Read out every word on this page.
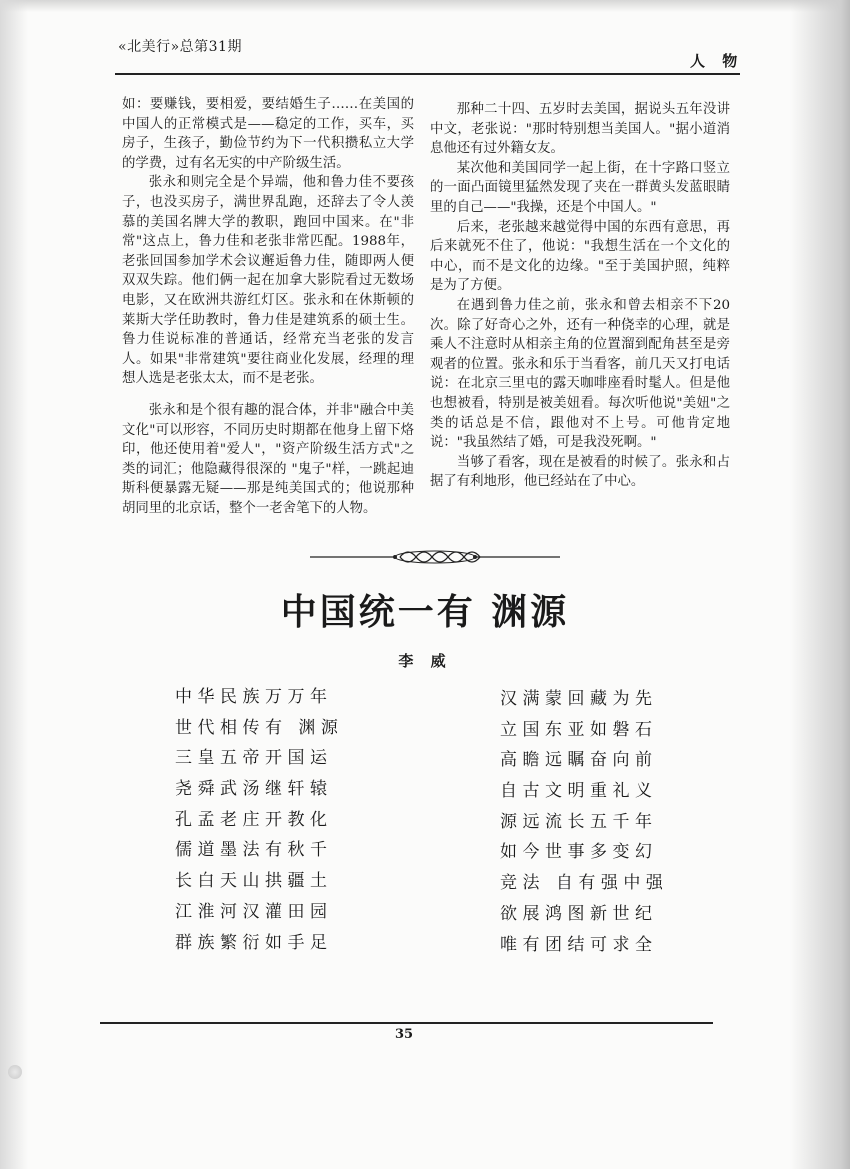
«北美行»总第31期
人 物

如：要赚钱，要相爱，要结婚生子……在美国的中国人的正常模式是——稳定的工作，买车，买房子，生孩子，勤俭节约为下一代积攒私立大学的学费，过有名无实的中产阶级生活。

张永和则完全是个异端，他和鲁力佳不要孩子，也没买房子，满世界乱跑，还辞去了令人羡慕的美国名牌大学的教职，跑回中国来。在"非常"这点上，鲁力佳和老张非常匹配。1988年，老张回国参加学术会议邂逅鲁力佳，随即两人便双双失踪。他们俩一起在加拿大影院看过无数场电影，又在欧洲共游红灯区。张永和在休斯顿的莱斯大学任助教时，鲁力佳是建筑系的硕士生。鲁力佳说标准的普通话，经常充当老张的发言人。如果"非常建筑"要往商业化发展，经理的理想人选是老张太太，而不是老张。

张永和是个很有趣的混合体，并非"融合中美文化"可以形容，不同历史时期都在他身上留下烙印，他还使用着"爱人"，"资产阶级生活方式"之类的词汇；他隐藏得很深的 "鬼子"样，一跳起迪斯科便暴露无疑——那是纯美国式的；他说那种胡同里的北京话，整个一老舍笔下的人物。

那种二十四、五岁时去美国，据说头五年没讲中文，老张说："那时特别想当美国人。"据小道消息他还有过外籍女友。

某次他和美国同学一起上街，在十字路口竖立的一面凸面镜里猛然发现了夹在一群黄头发蓝眼睛里的自己——"我操，还是个中国人。"

后来，老张越来越觉得中国的东西有意思，再后来就死不住了，他说："我想生活在一个文化的中心，而不是文化的边缘。"至于美国护照，纯粹是为了方便。

在遇到鲁力佳之前，张永和曾去相亲不下20次。除了好奇心之外，还有一种侥幸的心理，就是乘人不注意时从相亲主角的位置溜到配角甚至是旁观者的位置。张永和乐于当看客，前几天又打电话说：在北京三里屯的露天咖啡座看时髦人。但是他也想被看，特别是被美妞看。每次听他说"美妞"之类的话总是不信，跟他对不上号。可他肯定地说："我虽然结了婚，可是我没死啊。"

当够了看客，现在是被看的时候了。张永和占据了有利地形，他已经站在了中心。

中国统一有 渊源
李 威
中华民族万万年
世代相传有 渊源
三皇五帝开国运
尧舜武汤继轩辕
孔孟老庄开教化
儒道墨法有秋千
长白天山拱疆土
江淮河汉灌田园
群族繁衍如手足
汉满蒙回藏为先
立国东亚如磐石
高瞻远瞩奋向前
自古文明重礼义
源远流长五千年
如今世事多变幻
竞法 自有强中强
欲展鸿图新世纪
唯有团结可求全
35
